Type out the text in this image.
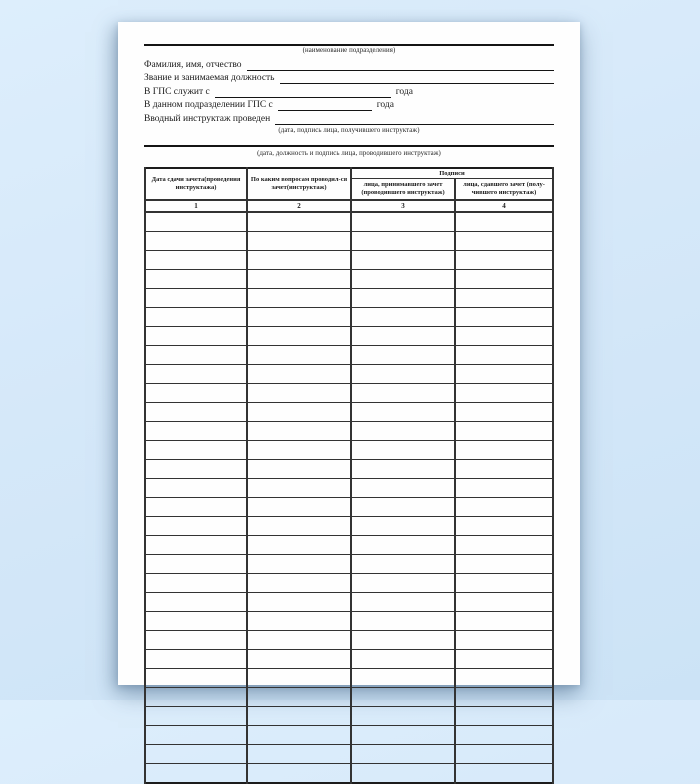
(наименование подразделения)
Фамилия, имя, отчество
Звание и занимаемая должность
В ГПС служит с	года
В данном подразделении ГПС с	года
Вводный инструктаж проведен
(дата, подпись лица, получившего инструктаж)
(дата, должность и подпись лица, проводившего инструктаж)
Дата сдачи зачета(проведения инструктажа)	По каким вопросам проводил-ся зачет(инструктаж)	Подписи	
		лица, принимавшего зачет (проводившего инструктаж)	лица, сдавшего зачет (полу-чившего инструктаж)
1	2	3	4
